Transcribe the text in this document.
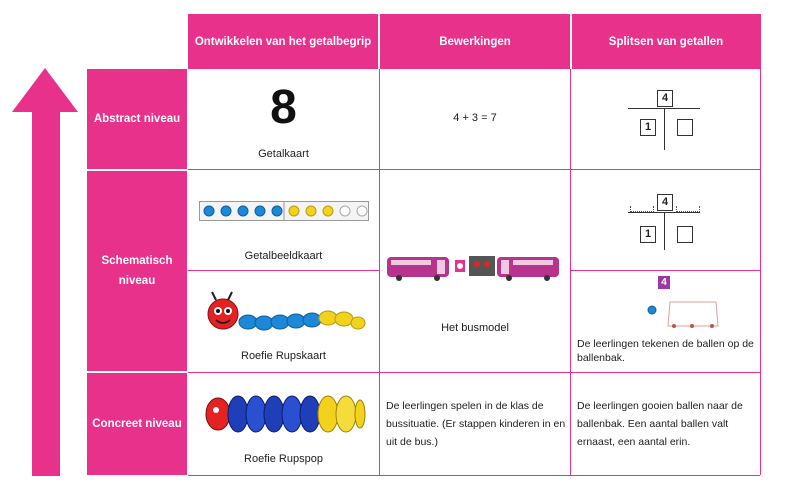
Ontwikkelen van het getalbegrip	Bewerkingen	Splitsen van getallen
Abstract niveau
Schematisch niveau
Concreet niveau
8
Getalkaart
4 + 3 = 7
4
1
Getalbeeldkaart
Roefie Rupskaart
Het busmodel
4
1
4
De leerlingen tekenen de ballen op de ballenbak.
Roefie Rupspop
De leerlingen spelen in de klas de bussituatie. (Er stappen kinderen in en uit de bus.)
De leerlingen gooien ballen naar de ballenbak. Een aantal ballen valt ernaast, een aantal erin.
